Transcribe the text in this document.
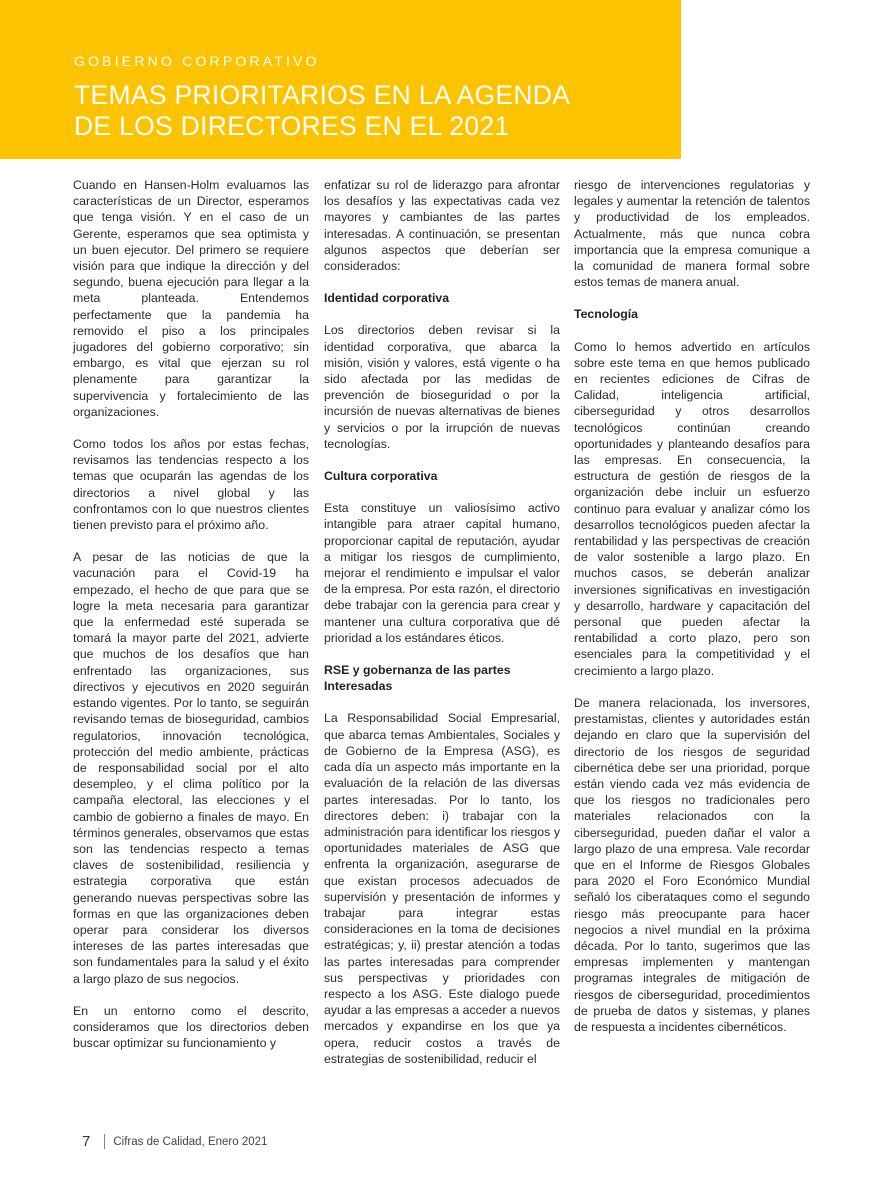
GOBIERNO CORPORATIVO

TEMAS PRIORITARIOS EN LA AGENDA
DE LOS DIRECTORES EN EL 2021

Cuando en Hansen-Holm evaluamos las características de un Director, esperamos que tenga visión. Y en el caso de un Gerente, esperamos que sea optimista y un buen ejecutor. Del primero se requiere visión para que indique la dirección y del segundo, buena ejecución para llegar a la meta planteada. Entendemos perfectamente que la pandemia ha removido el piso a los principales jugadores del gobierno corporativo; sin embargo, es vital que ejerzan su rol plenamente para garantizar la supervivencia y fortalecimiento de las organizaciones.

Como todos los años por estas fechas, revisamos las tendencias respecto a los temas que ocuparán las agendas de los directorios a nivel global y las confrontamos con lo que nuestros clientes tienen previsto para el próximo año.

A pesar de las noticias de que la vacunación para el Covid-19 ha empezado, el hecho de que para que se logre la meta necesaria para garantizar que la enfermedad esté superada se tomará la mayor parte del 2021, advierte que muchos de los desafíos que han enfrentado las organizaciones, sus directivos y ejecutivos en 2020 seguirán estando vigentes. Por lo tanto, se seguirán revisando temas de bioseguridad, cambios regulatorios, innovación tecnológica, protección del medio ambiente, prácticas de responsabilidad social por el alto desempleo, y el clima político por la campaña electoral, las elecciones y el cambio de gobierno a finales de mayo. En términos generales, observamos que estas son las tendencias respecto a temas claves de sostenibilidad, resiliencia y estrategia corporativa que están generando nuevas perspectivas sobre las formas en que las organizaciones deben operar para considerar los diversos intereses de las partes interesadas que son fundamentales para la salud y el éxito a largo plazo de sus negocios.

En un entorno como el descrito, consideramos que los directorios deben buscar optimizar su funcionamiento y

enfatizar su rol de liderazgo para afrontar los desafíos y las expectativas cada vez mayores y cambiantes de las partes interesadas. A continuación, se presentan algunos aspectos que deberían ser considerados:

Identidad corporativa

Los directorios deben revisar si la identidad corporativa, que abarca la misión, visión y valores, está vigente o ha sido afectada por las medidas de prevención de bioseguridad o por la incursión de nuevas alternativas de bienes y servicios o por la irrupción de nuevas tecnologías.

Cultura corporativa

Esta constituye un valiosísimo activo intangible para atraer capital humano, proporcionar capital de reputación, ayudar a mitigar los riesgos de cumplimiento, mejorar el rendimiento e impulsar el valor de la empresa. Por esta razón, el directorio debe trabajar con la gerencia para crear y mantener una cultura corporativa que dé prioridad a los estándares éticos.

RSE y gobernanza de las partes Interesadas

La Responsabilidad Social Empresarial, que abarca temas Ambientales, Sociales y de Gobierno de la Empresa (ASG), es cada día un aspecto más importante en la evaluación de la relación de las diversas partes interesadas. Por lo tanto, los directores deben: i) trabajar con la administración para identificar los riesgos y oportunidades materiales de ASG que enfrenta la organización, asegurarse de que existan procesos adecuados de supervisión y presentación de informes y trabajar para integrar estas consideraciones en la toma de decisiones estratégicas; y, ii) prestar atención a todas las partes interesadas para comprender sus perspectivas y prioridades con respecto a los ASG. Este dialogo puede ayudar a las empresas a acceder a nuevos mercados y expandirse en los que ya opera, reducir costos a través de estrategias de sostenibilidad, reducir el

riesgo de intervenciones regulatorias y legales y aumentar la retención de talentos y productividad de los empleados. Actualmente, más que nunca cobra importancia que la empresa comunique a la comunidad de manera formal sobre estos temas de manera anual.

Tecnología

Como lo hemos advertido en artículos sobre este tema en que hemos publicado en recientes ediciones de Cifras de Calidad, inteligencia artificial, ciberseguridad y otros desarrollos tecnológicos continúan creando oportunidades y planteando desafíos para las empresas. En consecuencia, la estructura de gestión de riesgos de la organización debe incluir un esfuerzo continuo para evaluar y analizar cómo los desarrollos tecnológicos pueden afectar la rentabilidad y las perspectivas de creación de valor sostenible a largo plazo. En muchos casos, se deberán analizar inversiones significativas en investigación y desarrollo, hardware y capacitación del personal que pueden afectar la rentabilidad a corto plazo, pero son esenciales para la competitividad y el crecimiento a largo plazo.

De manera relacionada, los inversores, prestamistas, clientes y autoridades están dejando en claro que la supervisión del directorio de los riesgos de seguridad cibernética debe ser una prioridad, porque están viendo cada vez más evidencia de que los riesgos no tradicionales pero materiales relacionados con la ciberseguridad, pueden dañar el valor a largo plazo de una empresa. Vale recordar que en el Informe de Riesgos Globales para 2020 el Foro Económico Mundial señaló los ciberataques como el segundo riesgo más preocupante para hacer negocios a nivel mundial en la próxima década. Por lo tanto, sugerimos que las empresas implementen y mantengan programas integrales de mitigación de riesgos de ciberseguridad, procedimientos de prueba de datos y sistemas, y planes de respuesta a incidentes cibernéticos.

7 Cifras de Calidad, Enero 2021
